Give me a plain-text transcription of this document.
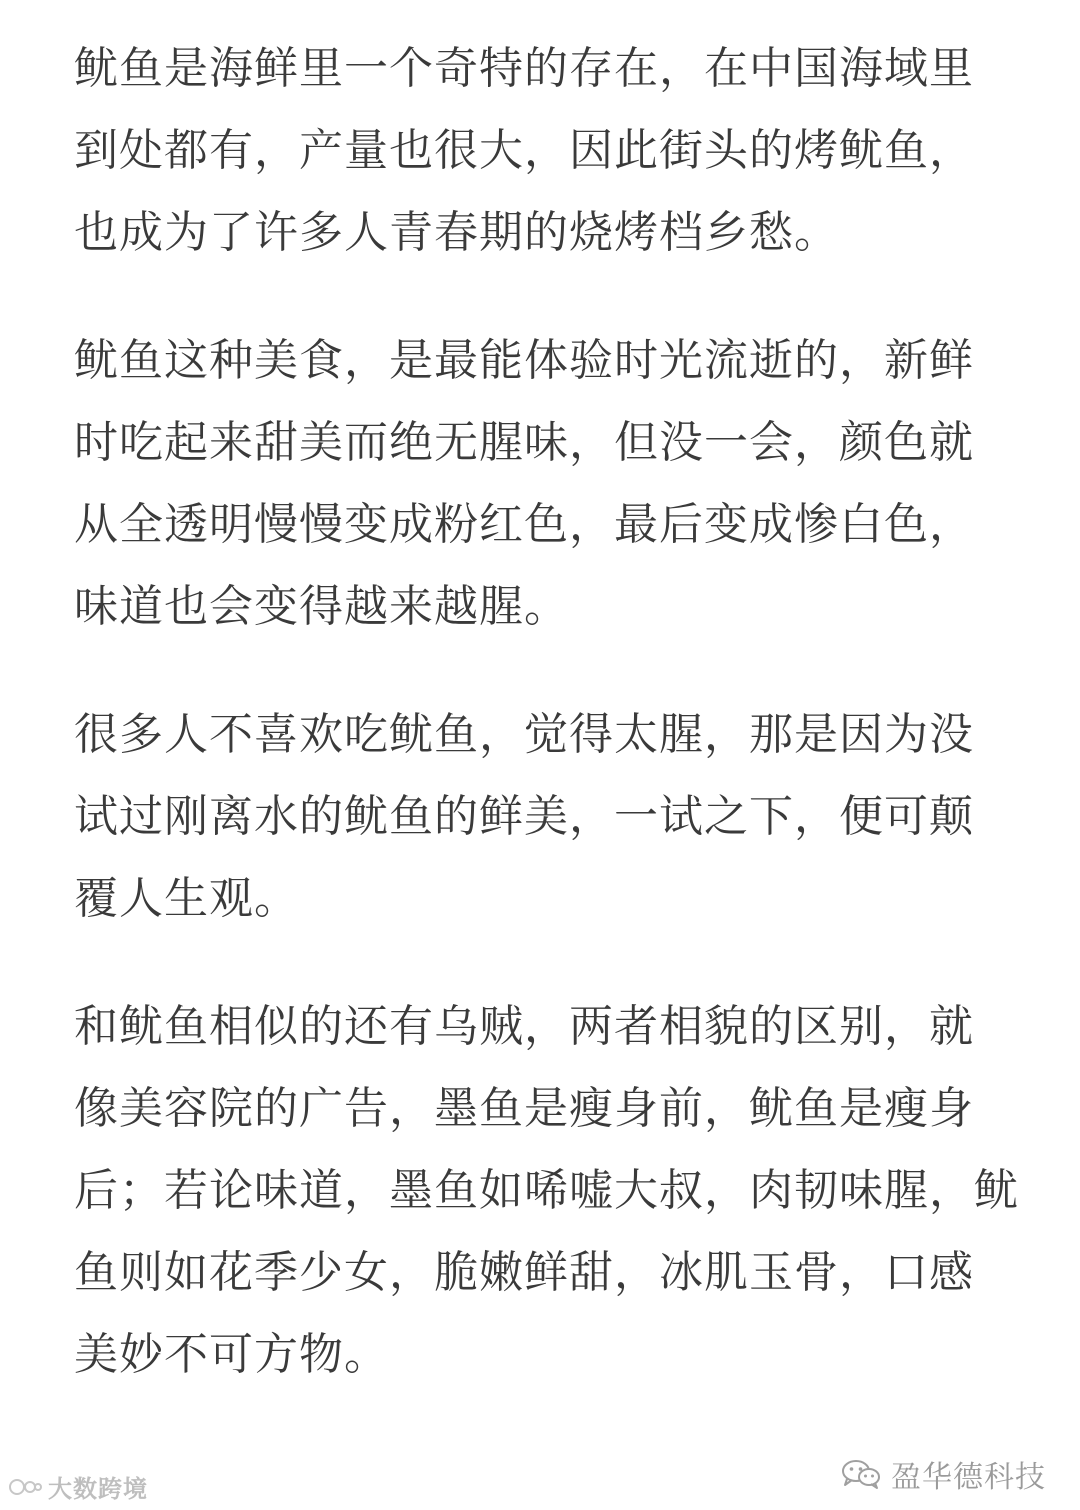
鱿鱼是海鲜里一个奇特的存在，在中国海域里
到处都有，产量也很大，因此街头的烤鱿鱼，
也成为了许多人青春期的烧烤档乡愁。
鱿鱼这种美食，是最能体验时光流逝的，新鲜
时吃起来甜美而绝无腥味，但没一会，颜色就
从全透明慢慢变成粉红色，最后变成惨白色，
味道也会变得越来越腥。
很多人不喜欢吃鱿鱼，觉得太腥，那是因为没
试过刚离水的鱿鱼的鲜美，一试之下，便可颠
覆人生观。
和鱿鱼相似的还有乌贼，两者相貌的区别，就
像美容院的广告，墨鱼是瘦身前，鱿鱼是瘦身
后；若论味道，墨鱼如唏嘘大叔，肉韧味腥，鱿
鱼则如花季少女，脆嫩鲜甜，冰肌玉骨，口感
美妙不可方物。
大数跨境	盈华德科技
